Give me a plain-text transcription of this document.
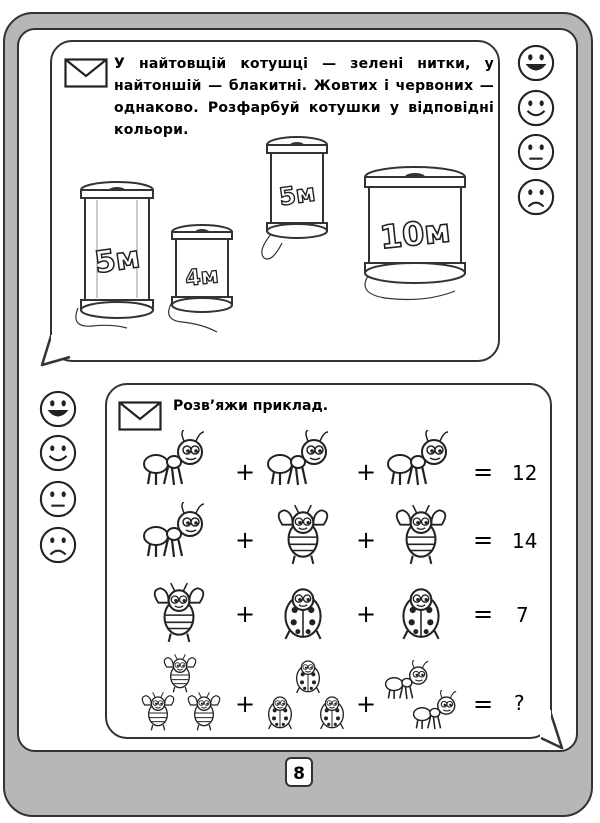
У найтовщій котушці — зелені нитки, у найтоншій — блакитні. Жовтих і червоних — однаково. Розфарбуй котушки у відповідні кольори.
5м 4м
5м
10м
Розв’яжи приклад.
+	+	= 12
+	+	= 14
+	+	= 7
+	+	= ?
8
